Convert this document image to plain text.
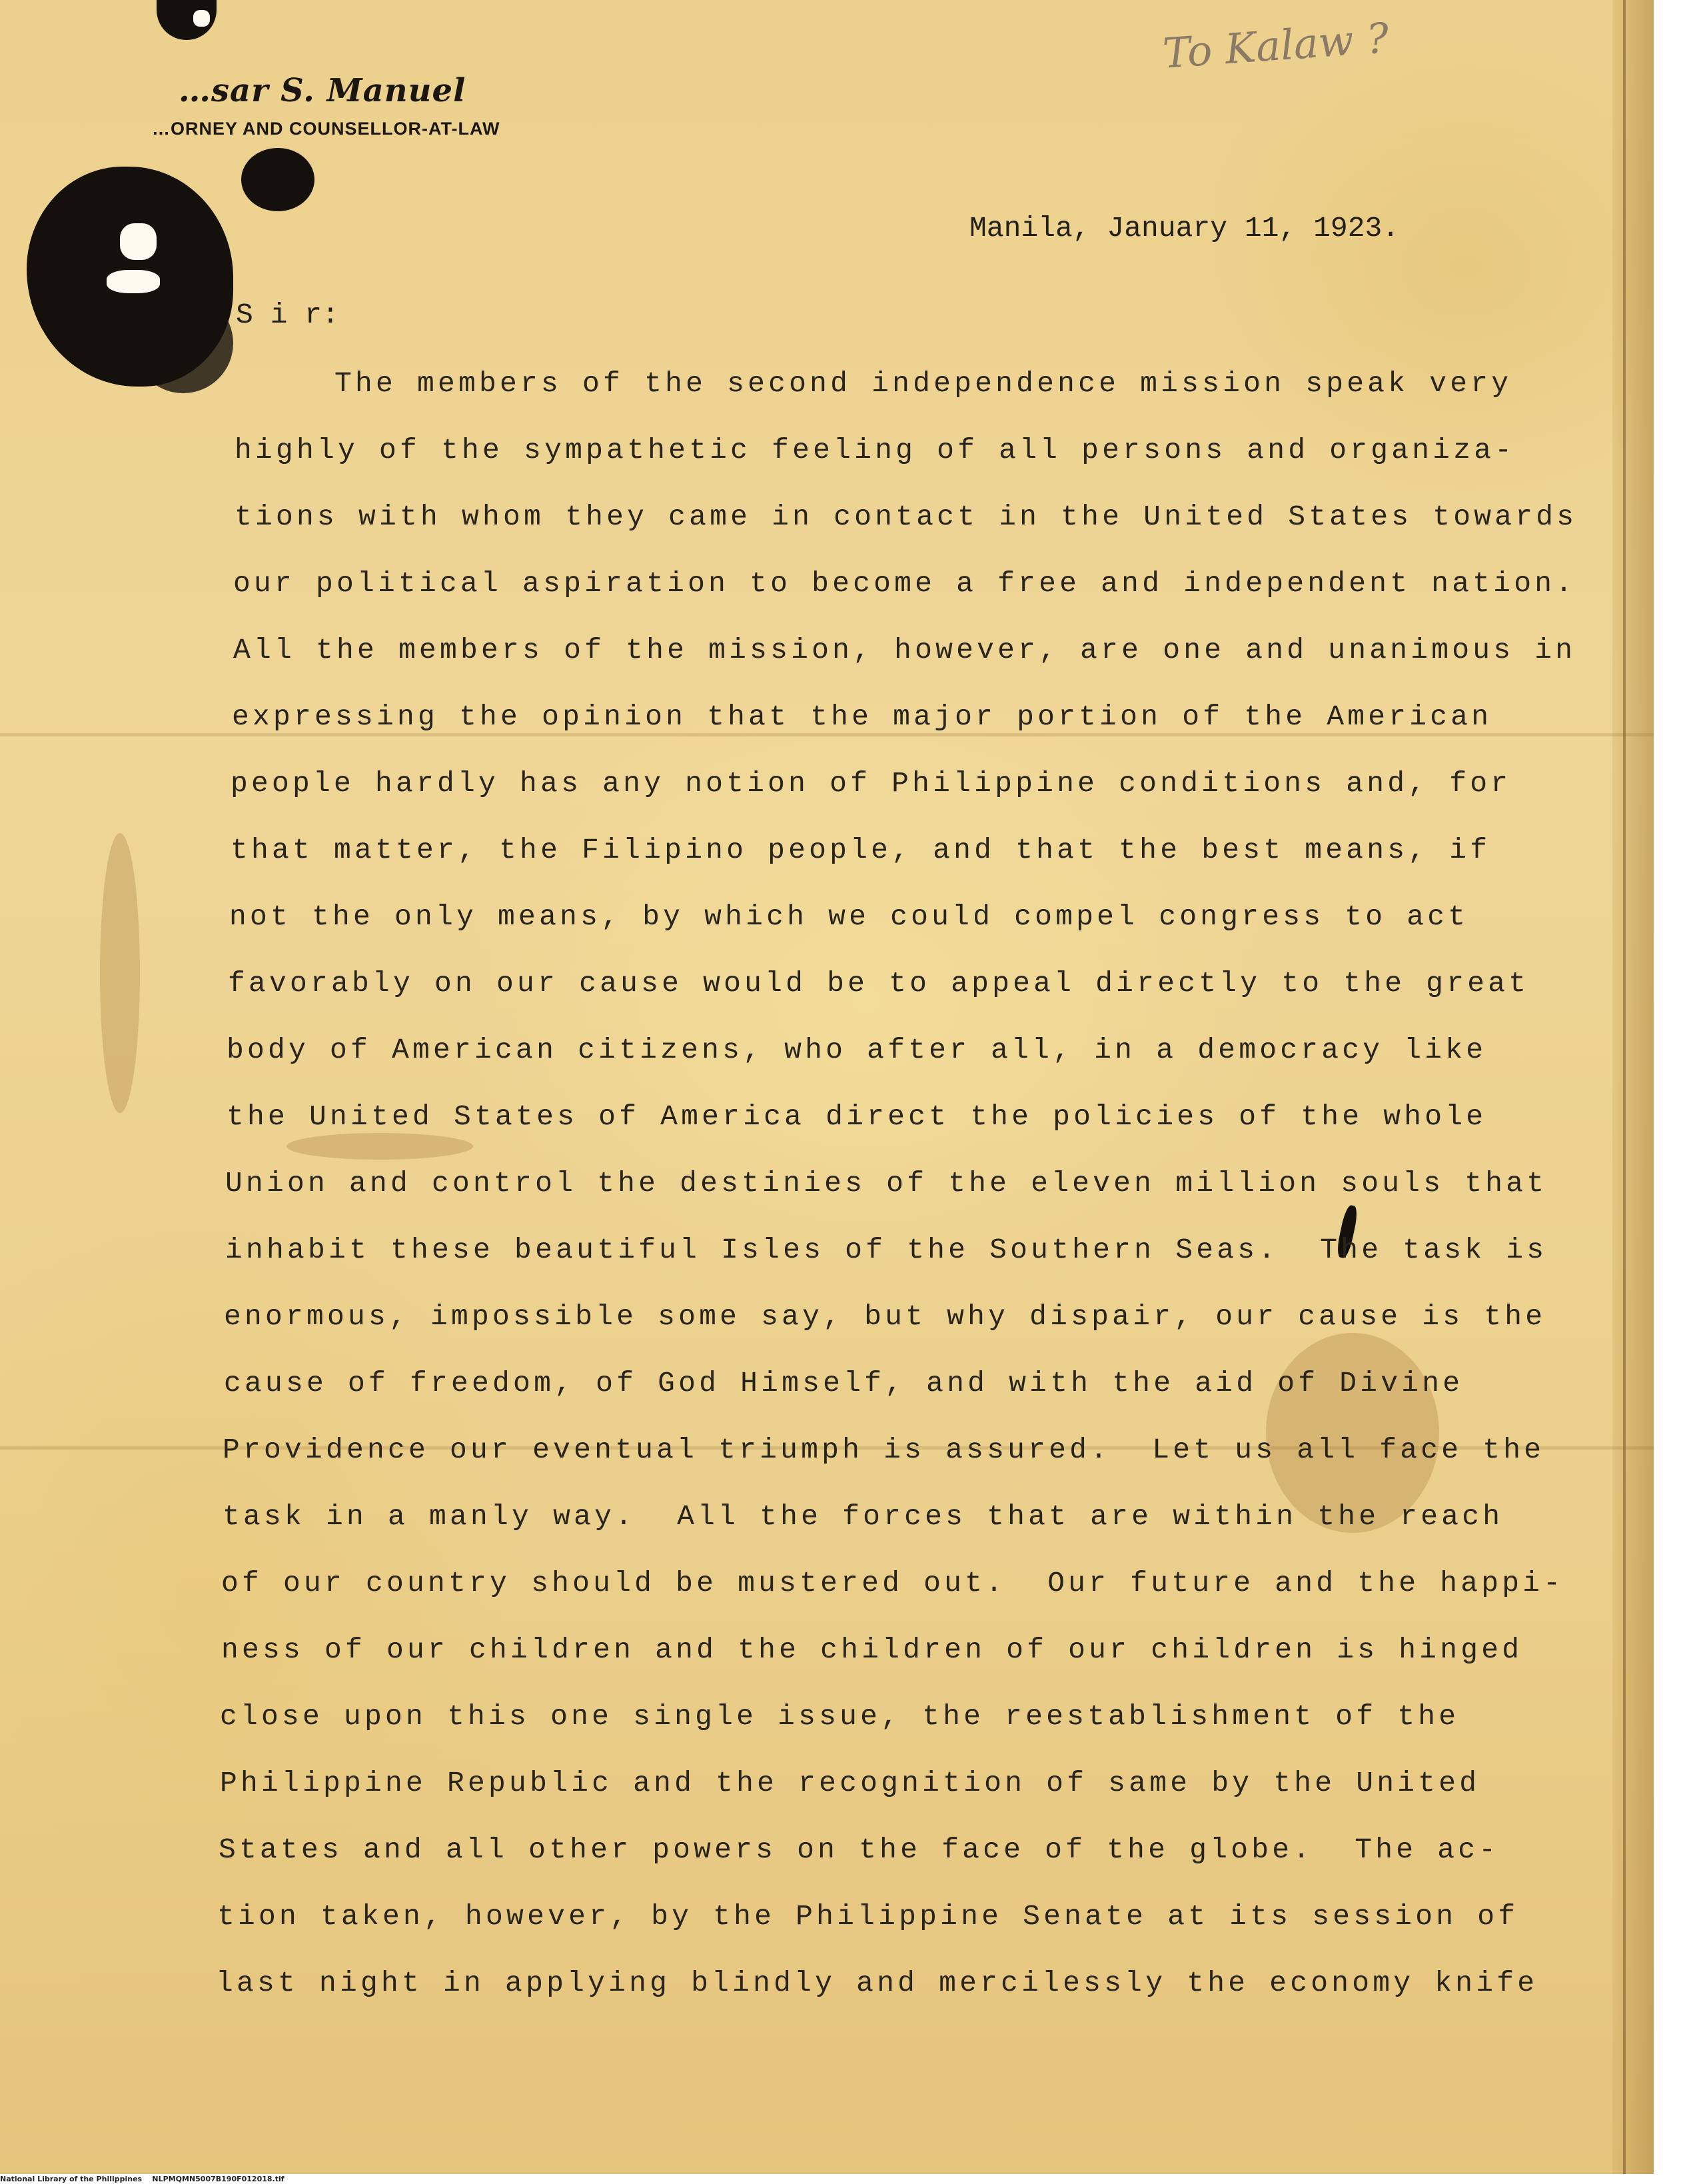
To Kalaw ?
…sar S. Manuel
…ORNEY AND COUNSELLOR-AT-LAW
Manila, January 11, 1923.
S i r:
The members of the second independence mission speak very
highly of the sympathetic feeling of all persons and organiza-
tions with whom they came in contact in the United States towards
our political aspiration to become a free and independent nation.
All the members of the mission, however, are one and unanimous in
expressing the opinion that the major portion of the American
people hardly has any notion of Philippine conditions and, for
that matter, the Filipino people, and that the best means, if
not the only means, by which we could compel congress to act
favorably on our cause would be to appeal directly to the great
body of American citizens, who after all, in a democracy like
the United States of America direct the policies of the whole
Union and control the destinies of the eleven million souls that
inhabit these beautiful Isles of the Southern Seas.  The task is
enormous, impossible some say, but why dispair, our cause is the
cause of freedom, of God Himself, and with the aid of Divine
Providence our eventual triumph is assured.  Let us all face the
task in a manly way.  All the forces that are within the reach
of our country should be mustered out.  Our future and the happi-
ness of our children and the children of our children is hinged
close upon this one single issue, the reestablishment of the
Philippine Republic and the recognition of same by the United
States and all other powers on the face of the globe.  The ac-
tion taken, however, by the Philippine Senate at its session of
last night in applying blindly and mercilessly the economy knife
National Library of the Philippines    NLPMQMN5007B190F012018.tif
